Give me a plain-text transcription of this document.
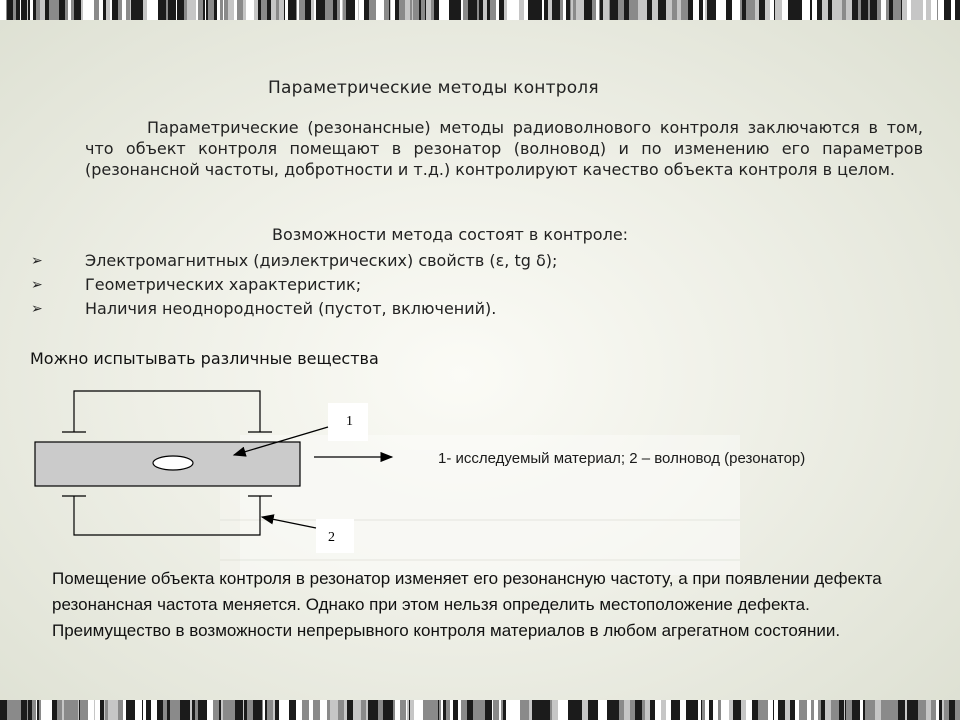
Параметрические методы контроля
Параметрические (резонансные) методы радиоволнового контроля заключаются в том, что объект контроля помещают в резонатор (волновод) и по изменению его параметров (резонансной частоты, добротности и т.д.) контролируют качество объекта контроля в целом.
Возможности метода состоят в контроле:
➢	Электромагнитных (диэлектрических) свойств (ε, tg δ);
➢	Геометрических характеристик;
➢	Наличия неоднородностей (пустот, включений).
Можно испытывать различные вещества
1
2
1- исследуемый материал; 2 – волновод (резонатор)
Помещение объекта контроля в резонатор изменяет его резонансную частоту, а при появлении дефекта резонансная частота меняется. Однако при этом нельзя определить местоположение дефекта. Преимущество в возможности непрерывного контроля материалов в любом агрегатном состоянии.
